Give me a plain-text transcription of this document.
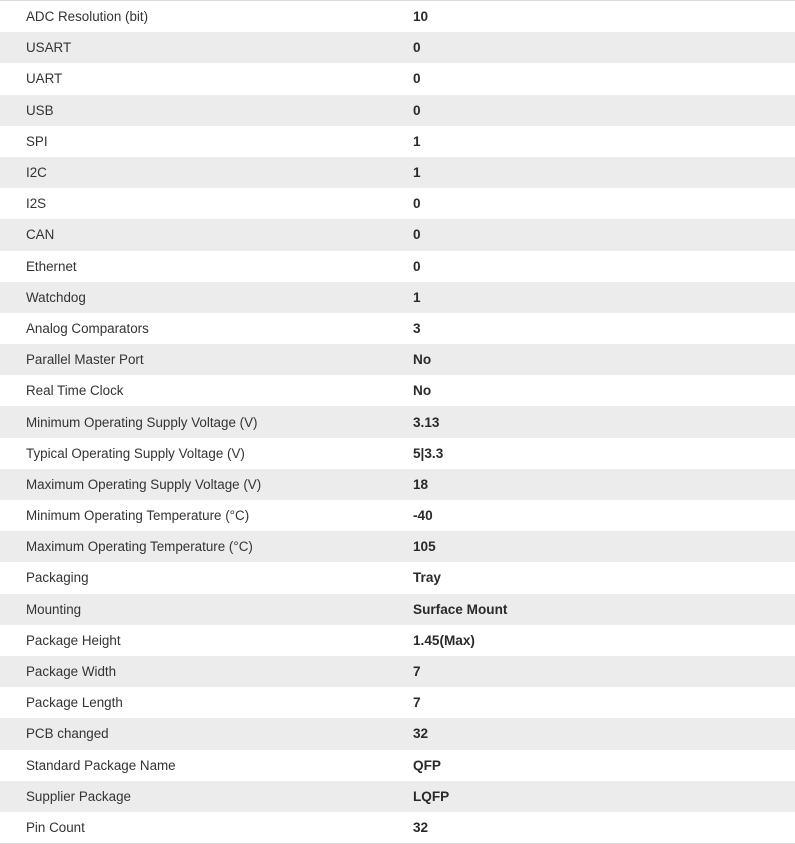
ADC Resolution (bit)	10
USART	0
UART	0
USB	0
SPI	1
I2C	1
I2S	0
CAN	0
Ethernet	0
Watchdog	1
Analog Comparators	3
Parallel Master Port	No
Real Time Clock	No
Minimum Operating Supply Voltage (V)	3.13
Typical Operating Supply Voltage (V)	5|3.3
Maximum Operating Supply Voltage (V)	18
Minimum Operating Temperature (°C)	-40
Maximum Operating Temperature (°C)	105
Packaging	Tray
Mounting	Surface Mount
Package Height	1.45(Max)
Package Width	7
Package Length	7
PCB changed	32
Standard Package Name	QFP
Supplier Package	LQFP
Pin Count	32
